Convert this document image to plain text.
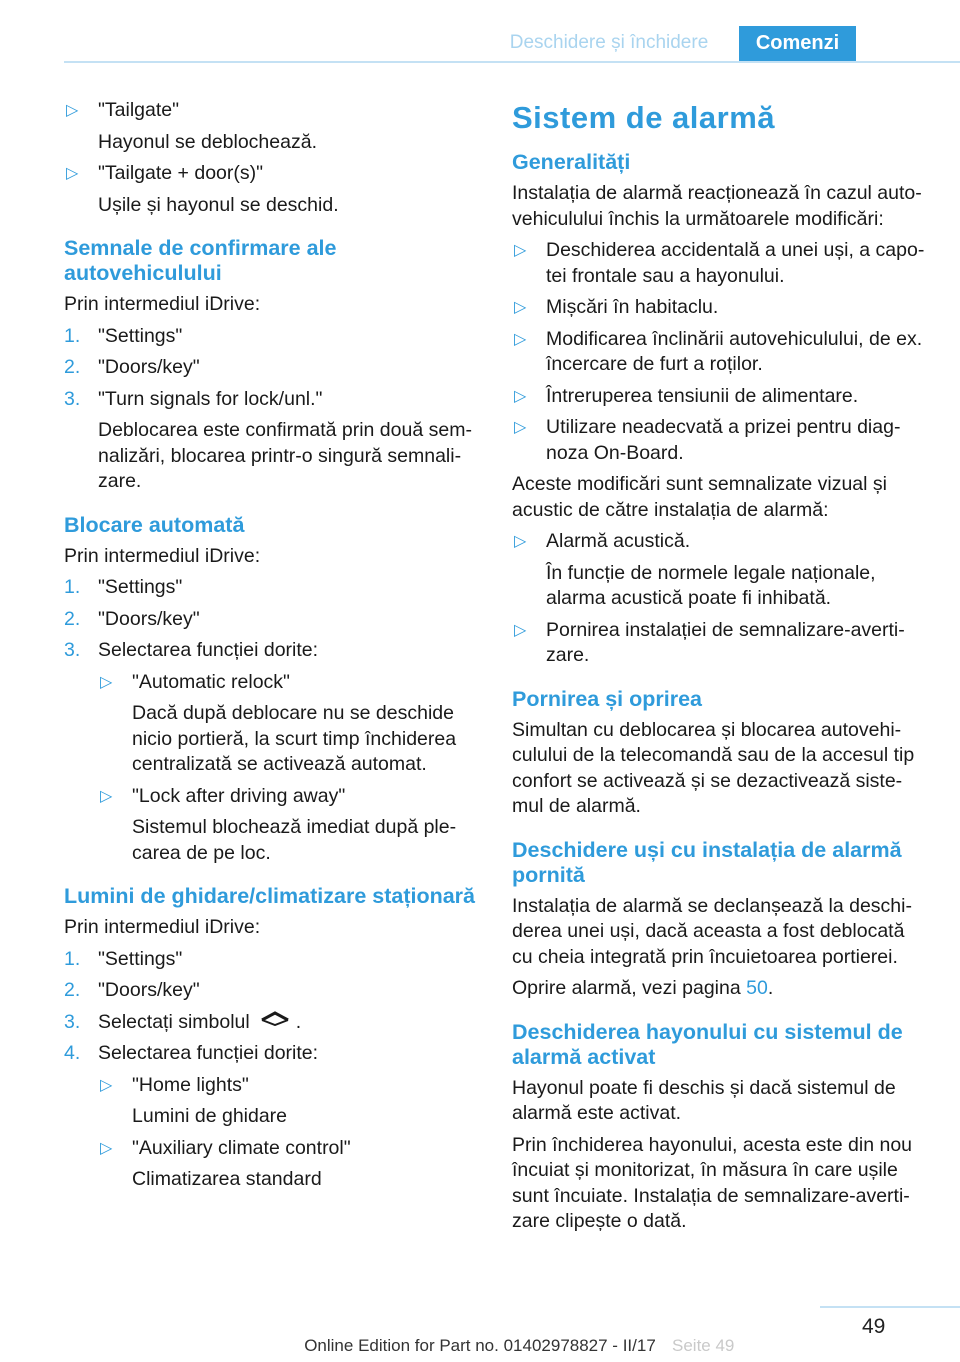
Deschidere și închidere	Comenzi
▷ "Tailgate"
Hayonul se deblochează.
▷ "Tailgate + door(s)"
Ușile și hayonul se deschid.
Semnale de confirmare ale autovehiculului

Prin intermediul iDrive:

1. "Settings"
2. "Doors/key"
3. "Turn signals for lock/unl."
Deblocarea este confirmată prin două sem‐nalizări, blocarea printr‐o singură semnali‐zare.
Blocare automată

Prin intermediul iDrive:

1. "Settings"
2. "Doors/key"
3. Selectarea funcției dorite:
▷ "Automatic relock"
Dacă după deblocare nu se deschide nicio portieră, la scurt timp închiderea centralizată se activează automat.
▷ "Lock after driving away"
Sistemul blochează imediat după ple‐carea de pe loc.
Lumini de ghidare/climatizare staționară

Prin intermediul iDrive:

1. "Settings"
2. "Doors/key"
3. Selectați simbolul .
4. Selectarea funcției dorite:
▷ "Home lights"
Lumini de ghidare
▷ "Auxiliary climate control"
Climatizarea standard
Sistem de alarmă
Generalități

Instalația de alarmă reacționează în cazul auto‐vehiculului închis la următoarele modificări:

▷ Deschiderea accidentală a unei uși, a capo‐tei frontale sau a hayonului.
▷ Mișcări în habitaclu.
▷ Modificarea înclinării autovehiculului, de ex. încercare de furt a roților.
▷ Întreruperea tensiunii de alimentare.
▷ Utilizare neadecvată a prizei pentru diag‐noza On-Board.

Aceste modificări sunt semnalizate vizual și acustic de către instalația de alarmă:

▷ Alarmă acustică.
În funcție de normele legale naționale, alarma acustică poate fi inhibată.
▷ Pornirea instalației de semnalizare-averti‐zare.
Pornirea și oprirea

Simultan cu deblocarea și blocarea autovehi‐culului de la telecomandă sau de la accesul tip confort se activează și se dezactivează siste‐mul de alarmă.

Deschidere uși cu instalația de alarmă pornită

Instalația de alarmă se declanșează la deschi‐derea unei uși, dacă aceasta a fost deblocată cu cheia integrată prin încuietoarea portierei.

Oprire alarmă, vezi pagina 50.

Deschiderea hayonului cu sistemul de alarmă activat

Hayonul poate fi deschis și dacă sistemul de alarmă este activat.

Prin închiderea hayonului, acesta este din nou încuiat și monitorizat, în măsura în care ușile sunt încuiate. Instalația de semnalizare-averti‐zare clipește o dată.

49
Online Edition for Part no. 01402978827 - II/17 Seite 49
